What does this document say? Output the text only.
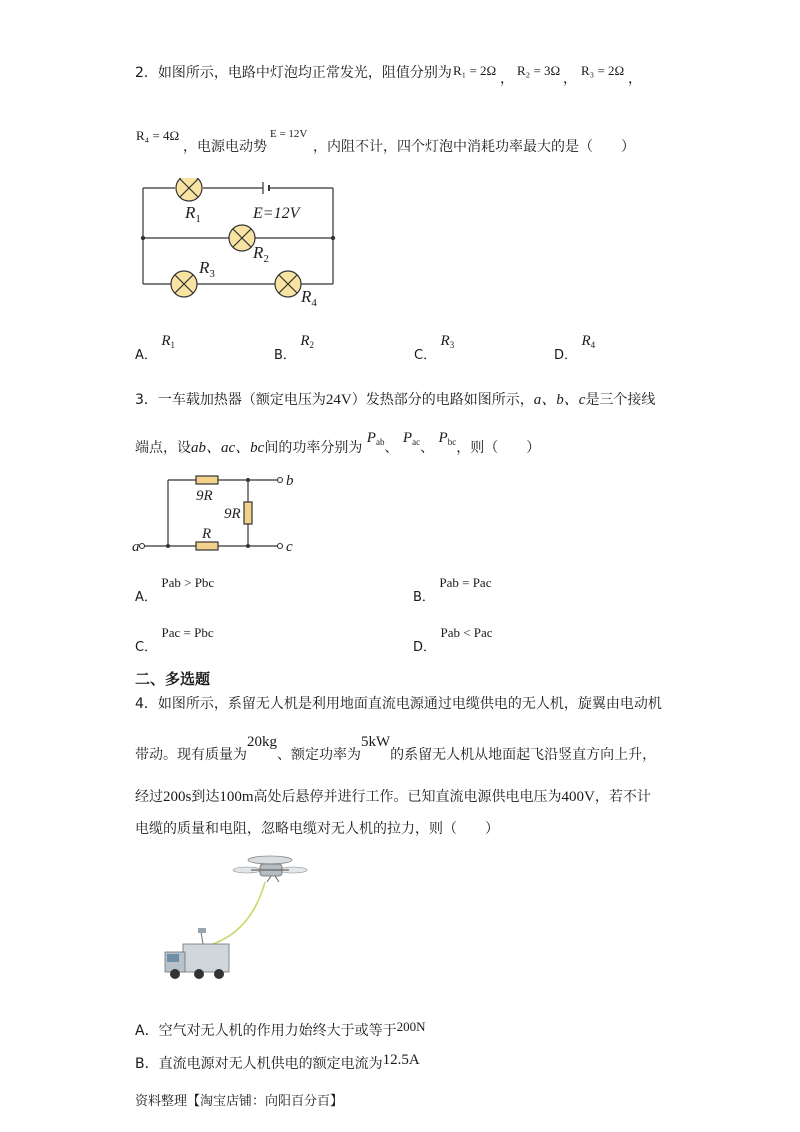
2．如图所示，电路中灯泡均正常发光，阻值分别为 R₁ = 2Ω
，
R₂ = 3Ω
，
R₃ = 2Ω
，
R₄ = 4Ω
，电源电动势
E = 12V
，内阻不计，四个灯泡中消耗功率最大的是（　　）
$R_1$	E=12V
$R_2$
$R_3$
$R_4$
A． $R_1$
B． $R_2$
C． $R_3$
D． $R_4$
3．一车载加热器（额定电压为24V）发热部分的电路如图所示，a、b、c是三个接线
端点，设ab、ac、bc间的功率分别为 $P_{ab}$、 $P_{ac}$、 $P_{bc}$，则（　　）
9R
9R
R
a
b
c
A． Pab > Pbc
B． Pab = Pac
C． Pac = Pbc
D． Pab < Pac
二、多选题
4．如图所示，系留无人机是利用地面直流电源通过电缆供电的无人机，旋翼由电动机
带动。现有质量为20kg、额定功率为5kW的系留无人机从地面起飞沿竖直方向上升，
经过200s到达100m高处后悬停并进行工作。已知直流电源供电电压为400V，若不计
电缆的质量和电阻，忽略电缆对无人机的拉力，则（　　）
A．空气对无人机的作用力始终大于或等于200N
B．直流电源对无人机供电的额定电流为12.5A
资料整理【淘宝店铺：向阳百分百】
